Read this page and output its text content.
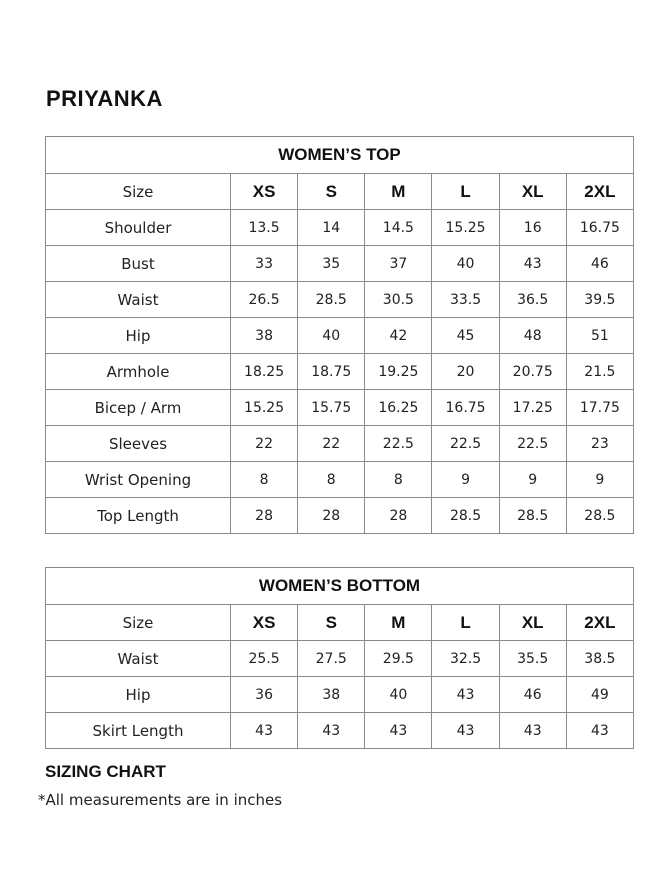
PRIYANKA
WOMEN’S TOP						
Size	XS	S	M	L	XL	2XL
Shoulder	13.5	14	14.5	15.25	16	16.75
Bust	33	35	37	40	43	46
Waist	26.5	28.5	30.5	33.5	36.5	39.5
Hip	38	40	42	45	48	51
Armhole	18.25	18.75	19.25	20	20.75	21.5
Bicep / Arm	15.25	15.75	16.25	16.75	17.25	17.75
Sleeves	22	22	22.5	22.5	22.5	23
Wrist Opening	8	8	8	9	9	9
Top Length	28	28	28	28.5	28.5	28.5
WOMEN’S BOTTOM						
Size	XS	S	M	L	XL	2XL
Waist	25.5	27.5	29.5	32.5	35.5	38.5
Hip	36	38	40	43	46	49
Skirt Length	43	43	43	43	43	43
SIZING CHART
*All measurements are in inches
